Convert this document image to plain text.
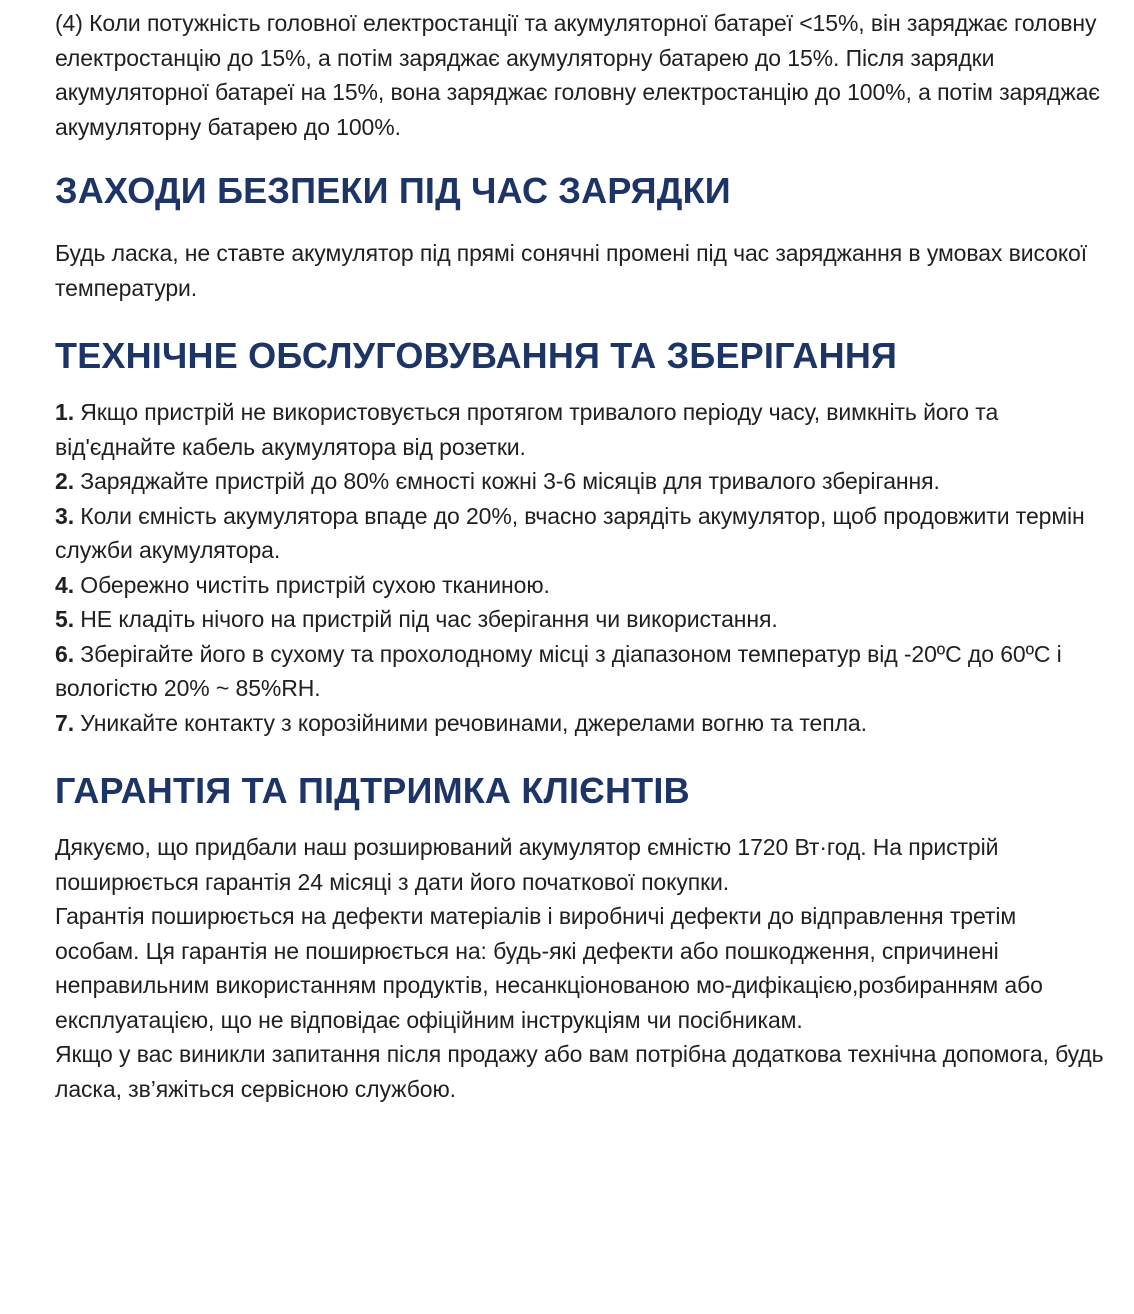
(4) Коли потужність головної електростанції та акумуляторної батареї <15%, він заряджає головну електростанцію до 15%, а потім заряджає акумуляторну батарею до 15%. Після зарядки акумуляторної батареї на 15%, вона заряджає головну електростанцію до 100%, а потім заряджає акумуляторну батарею до 100%.

ЗАХОДИ БЕЗПЕКИ ПІД ЧАС ЗАРЯДКИ

Будь ласка, не ставте акумулятор під прямі сонячні промені під час заряджання в умовах високої температури.

ТЕХНІЧНЕ ОБСЛУГОВУВАННЯ ТА ЗБЕРІГАННЯ
1. Якщо пристрій не використовується протягом тривалого періоду часу, вимкніть його та від'єднайте кабель акумулятора від розетки.
2. Заряджайте пристрій до 80% ємності кожні 3-6 місяців для тривалого зберігання.
3. Коли ємність акумулятора впаде до 20%, вчасно зарядіть акумулятор, щоб продовжити термін служби акумулятора.
4. Обережно чистіть пристрій сухою тканиною.
5. НЕ кладіть нічого на пристрій під час зберігання чи використання.
6. Зберігайте його в сухому та прохолодному місці з діапазоном температур від -20ºC до 60ºC і вологістю 20% ~ 85%RH.
7. Уникайте контакту з корозійними речовинами, джерелами вогню та тепла.
ГАРАНТІЯ ТА ПІДТРИМКА КЛІЄНТІВ

Дякуємо, що придбали наш розширюваний акумулятор ємністю 1720 Вт·год. На пристрій поширюється гарантія 24 місяці з дати його початкової покупки.

Гарантія поширюється на дефекти матеріалів і виробничі дефекти до відправлення третім особам. Ця гарантія не поширюється на: будь-які дефекти або пошкодження, спричинені неправильним використанням продуктів, несанкціонованою мо-дифікацією,розбиранням або експлуатацією, що не відповідає офіційним інструкціям чи посібникам.

Якщо у вас виникли запитання після продажу або вам потрібна додаткова технічна допомога, будь ласка, зв’яжіться сервісною службою.
